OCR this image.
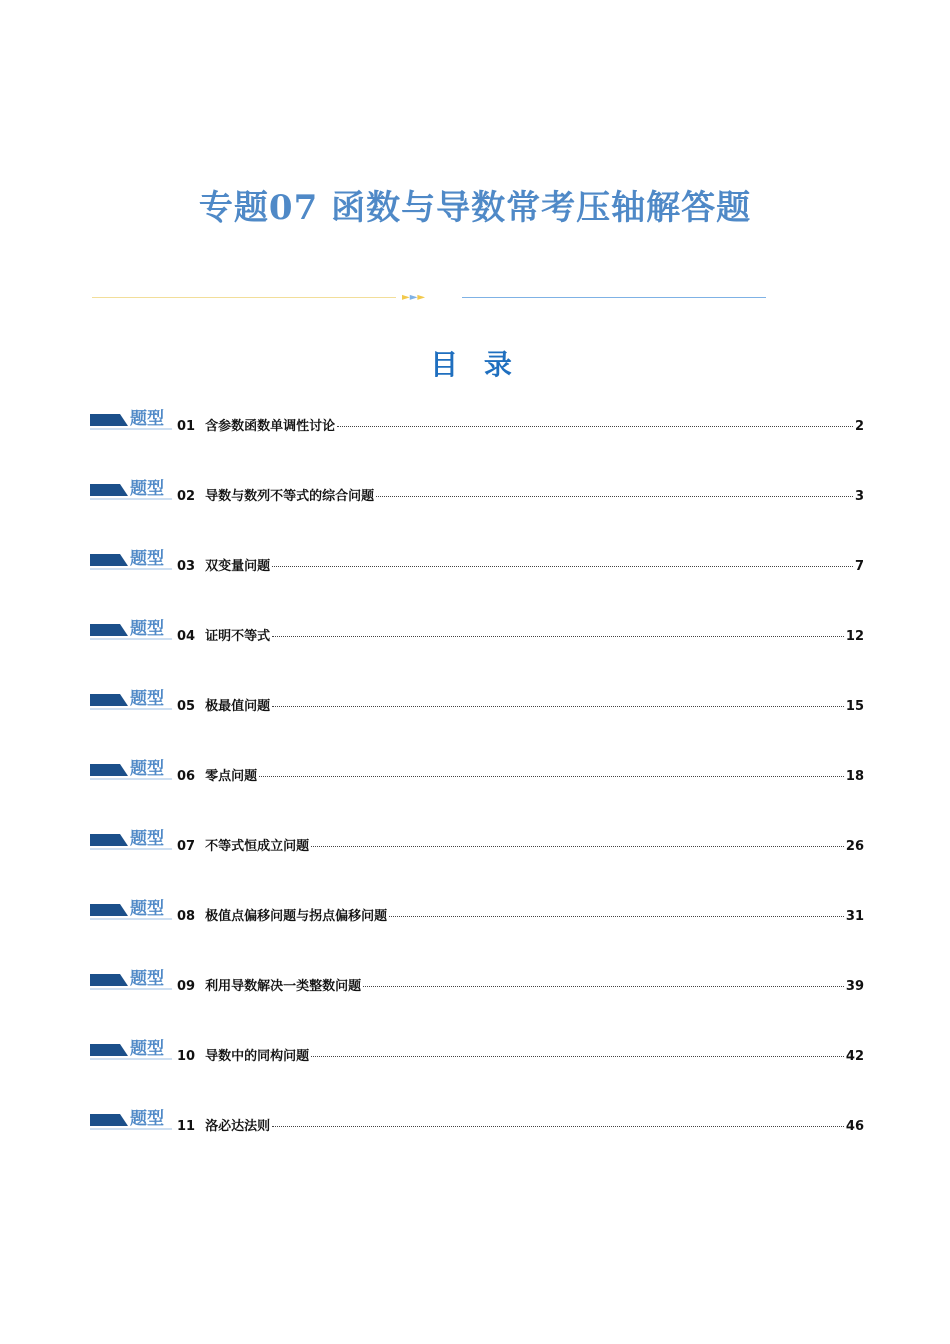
专题07 函数与导数常考压轴解答题
►►►
目 录
题型 01 含参数函数单调性讨论	2
题型 02 导数与数列不等式的综合问题	3
题型 03 双变量问题	7
题型 04 证明不等式	12
题型 05 极最值问题	15
题型 06 零点问题	18
题型 07 不等式恒成立问题	26
题型 08 极值点偏移问题与拐点偏移问题	31
题型 09 利用导数解决一类整数问题	39
题型 10 导数中的同构问题	42
题型 11 洛必达法则	46
